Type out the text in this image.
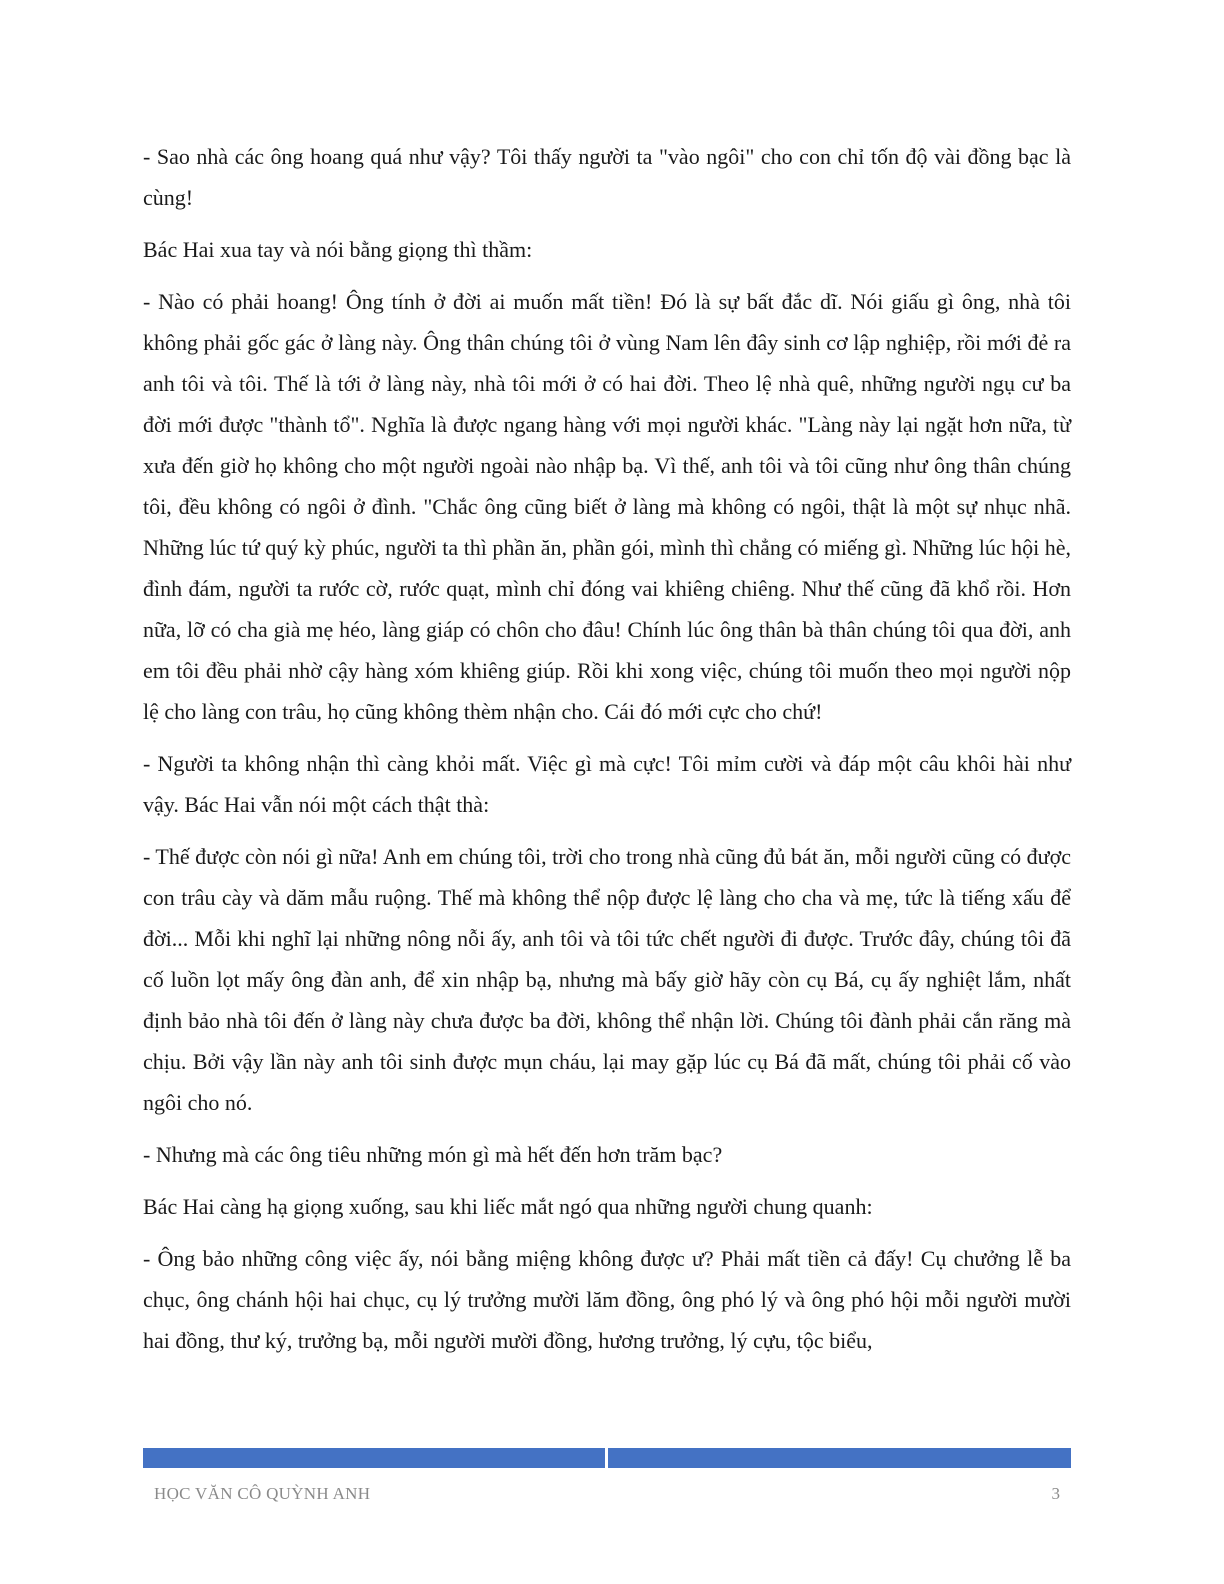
- Sao nhà các ông hoang quá như vậy? Tôi thấy người ta "vào ngôi" cho con chỉ tốn độ vài đồng bạc là cùng!

Bác Hai xua tay và nói bằng giọng thì thầm:

- Nào có phải hoang! Ông tính ở đời ai muốn mất tiền! Đó là sự bất đắc dĩ. Nói giấu gì ông, nhà tôi không phải gốc gác ở làng này. Ông thân chúng tôi ở vùng Nam lên đây sinh cơ lập nghiệp, rồi mới đẻ ra anh tôi và tôi. Thế là tới ở làng này, nhà tôi mới ở có hai đời. Theo lệ nhà quê, những người ngụ cư ba đời mới được "thành tổ". Nghĩa là được ngang hàng với mọi người khác. "Làng này lại ngặt hơn nữa, từ xưa đến giờ họ không cho một người ngoài nào nhập bạ. Vì thế, anh tôi và tôi cũng như ông thân chúng tôi, đều không có ngôi ở đình. "Chắc ông cũng biết ở làng mà không có ngôi, thật là một sự nhục nhã. Những lúc tứ quý kỳ phúc, người ta thì phần ăn, phần gói, mình thì chẳng có miếng gì. Những lúc hội hè, đình đám, người ta rước cờ, rước quạt, mình chỉ đóng vai khiêng chiêng. Như thế cũng đã khổ rồi. Hơn nữa, lỡ có cha già mẹ héo, làng giáp có chôn cho đâu! Chính lúc ông thân bà thân chúng tôi qua đời, anh em tôi đều phải nhờ cậy hàng xóm khiêng giúp. Rồi khi xong việc, chúng tôi muốn theo mọi người nộp lệ cho làng con trâu, họ cũng không thèm nhận cho. Cái đó mới cực cho chứ!

- Người ta không nhận thì càng khỏi mất. Việc gì mà cực! Tôi mỉm cười và đáp một câu khôi hài như vậy. Bác Hai vẫn nói một cách thật thà:

- Thế được còn nói gì nữa! Anh em chúng tôi, trời cho trong nhà cũng đủ bát ăn, mỗi người cũng có được con trâu cày và dăm mẫu ruộng. Thế mà không thể nộp được lệ làng cho cha và mẹ, tức là tiếng xấu để đời... Mỗi khi nghĩ lại những nông nỗi ấy, anh tôi và tôi tức chết người đi được. Trước đây, chúng tôi đã cố luồn lọt mấy ông đàn anh, để xin nhập bạ, nhưng mà bấy giờ hãy còn cụ Bá, cụ ấy nghiệt lắm, nhất định bảo nhà tôi đến ở làng này chưa được ba đời, không thể nhận lời. Chúng tôi đành phải cắn răng mà chịu. Bởi vậy lần này anh tôi sinh được mụn cháu, lại may gặp lúc cụ Bá đã mất, chúng tôi phải cố vào ngôi cho nó.

- Nhưng mà các ông tiêu những món gì mà hết đến hơn trăm bạc?

Bác Hai càng hạ giọng xuống, sau khi liếc mắt ngó qua những người chung quanh:

- Ông bảo những công việc ấy, nói bằng miệng không được ư? Phải mất tiền cả đấy! Cụ chưởng lễ ba chục, ông chánh hội hai chục, cụ lý trưởng mười lăm đồng, ông phó lý và ông phó hội mỗi người mười hai đồng, thư ký, trưởng bạ, mỗi người mười đồng, hương trưởng, lý cựu, tộc biểu,

HỌC VĂN CÔ QUỲNH ANH	3
